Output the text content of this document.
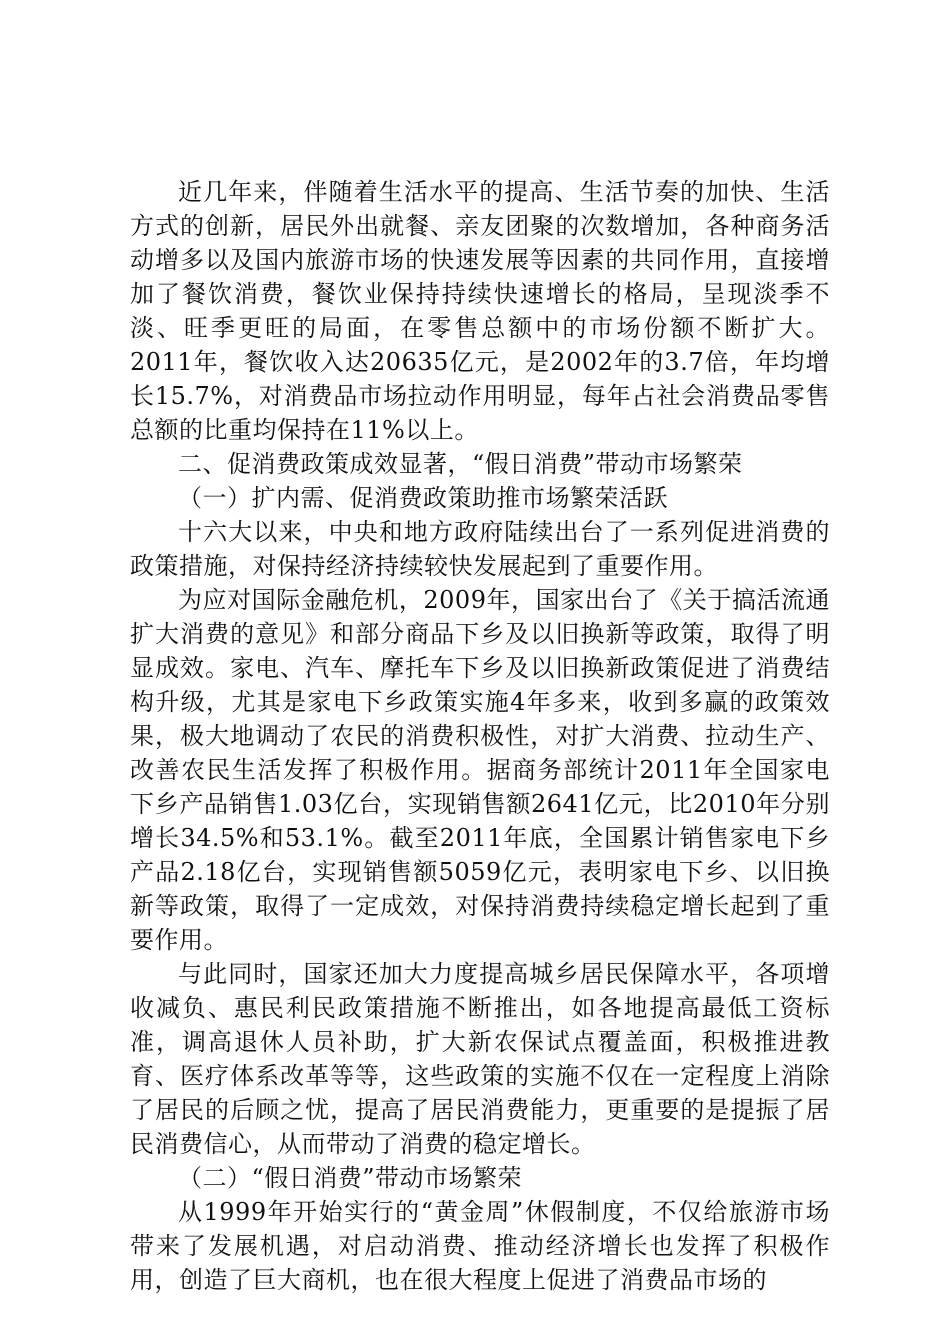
近几年来，伴随着生活水平的提高、生活节奏的加快、生活方式的创新，居民外出就餐、亲友团聚的次数增加，各种商务活动增多以及国内旅游市场的快速发展等因素的共同作用，直接增加了餐饮消费，餐饮业保持持续快速增长的格局，呈现淡季不淡、旺季更旺的局面，在零售总额中的市场份额不断扩大。2011年，餐饮收入达20635亿元，是2002年的3.7倍，年均增长15.7%，对消费品市场拉动作用明显，每年占社会消费品零售总额的比重均保持在11%以上。

二、促消费政策成效显著，“假日消费”带动市场繁荣

（一）扩内需、促消费政策助推市场繁荣活跃

十六大以来，中央和地方政府陆续出台了一系列促进消费的政策措施，对保持经济持续较快发展起到了重要作用。

为应对国际金融危机，2009年，国家出台了《关于搞活流通扩大消费的意见》和部分商品下乡及以旧换新等政策，取得了明显成效。家电、汽车、摩托车下乡及以旧换新政策促进了消费结构升级，尤其是家电下乡政策实施4年多来，收到多赢的政策效果，极大地调动了农民的消费积极性，对扩大消费、拉动生产、改善农民生活发挥了积极作用。据商务部统计2011年全国家电下乡产品销售1.03亿台，实现销售额2641亿元，比2010年分别增长34.5%和53.1%。截至2011年底，全国累计销售家电下乡产品2.18亿台，实现销售额5059亿元，表明家电下乡、以旧换新等政策，取得了一定成效，对保持消费持续稳定增长起到了重要作用。

与此同时，国家还加大力度提高城乡居民保障水平，各项增收减负、惠民利民政策措施不断推出，如各地提高最低工资标准，调高退休人员补助，扩大新农保试点覆盖面，积极推进教育、医疗体系改革等等，这些政策的实施不仅在一定程度上消除了居民的后顾之忧，提高了居民消费能力，更重要的是提振了居民消费信心，从而带动了消费的稳定增长。

（二）“假日消费”带动市场繁荣

从1999年开始实行的“黄金周”休假制度，不仅给旅游市场带来了发展机遇，对启动消费、推动经济增长也发挥了积极作用，创造了巨大商机，也在很大程度上促进了消费品市场的
